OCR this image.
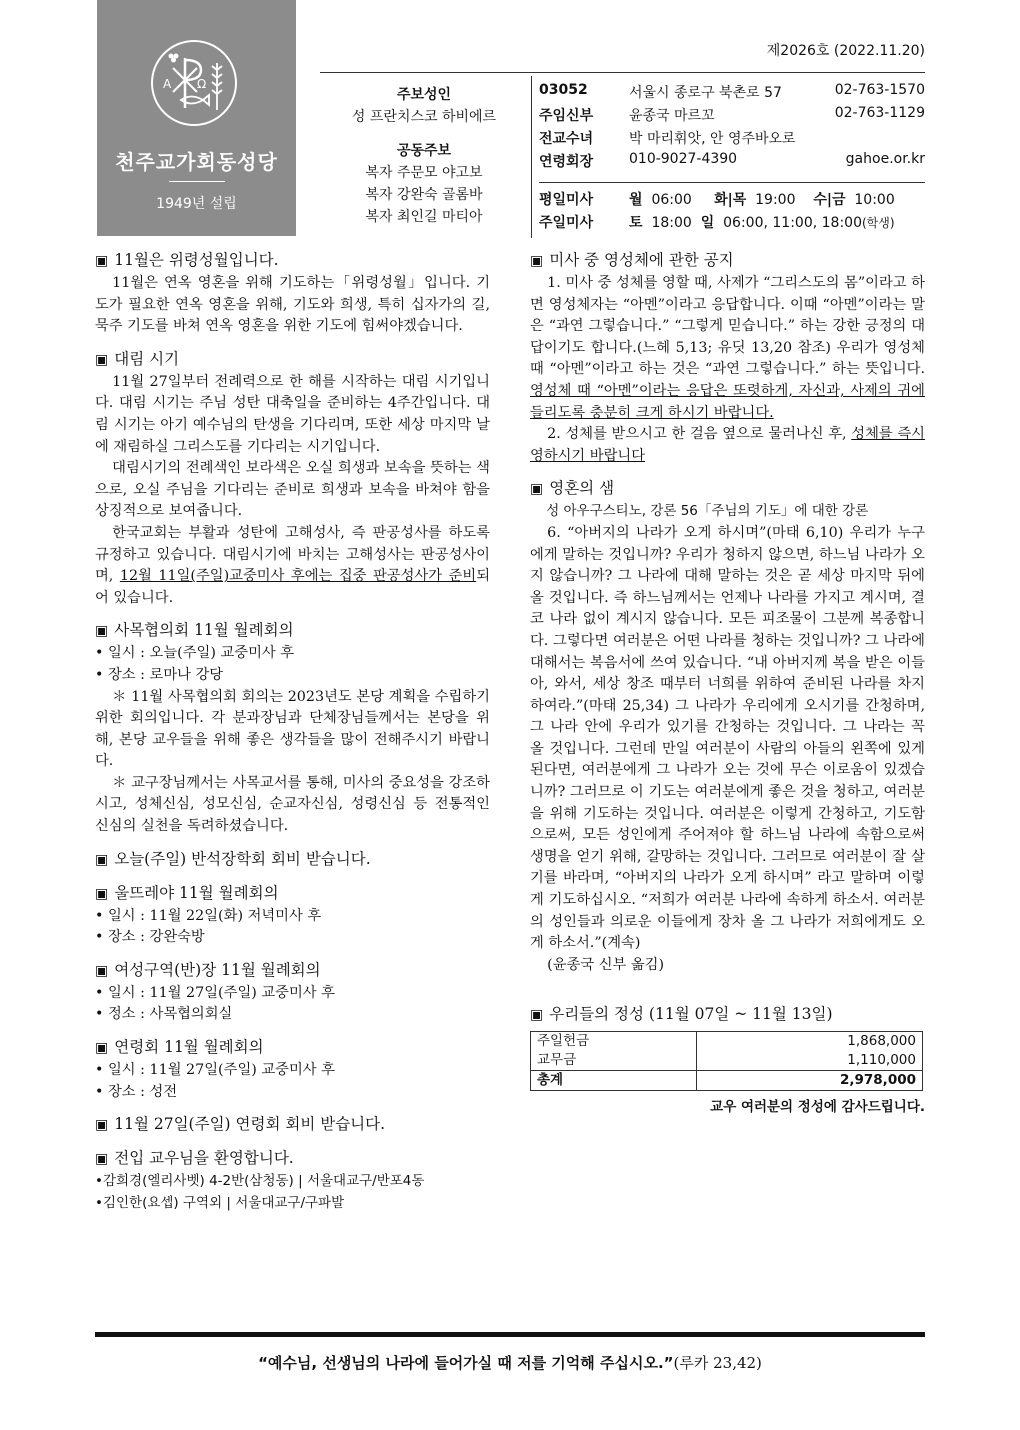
A Ω
천주교가회동성당
1949년 설립
제2026호 (2022.11.20)
주보성인
성 프란치스코 하비에르
공동주보
복자 주문모 야고보
복자 강완숙 골롬바
복자 최인길 마티아
03052	서울시 종로구 북촌로 57	02-763-1570
주임신부	윤종국 마르꼬	02-763-1129
전교수녀	박 마리휘앗, 안 영주바오로
연령회장	010-9027-4390	gahoe.or.kr
평일미사	월 06:00 화|목 19:00 수|금 10:00
주일미사	토 18:00 일 06:00, 11:00, 18:00(학생)
▣ 11월은 위령성월입니다.

11월은 연옥 영혼을 위해 기도하는「위령성월」입니다. 기도가 필요한 연옥 영혼을 위해, 기도와 희생, 특히 십자가의 길, 묵주 기도를 바쳐 연옥 영혼을 위한 기도에 힘써야겠습니다.

▣ 대림 시기

11월 27일부터 전례력으로 한 해를 시작하는 대림 시기입니다. 대림 시기는 주님 성탄 대축일을 준비하는 4주간입니다. 대림 시기는 아기 예수님의 탄생을 기다리며, 또한 세상 마지막 날에 재림하실 그리스도를 기다리는 시기입니다.

대림시기의 전례색인 보라색은 오실 희생과 보속을 뜻하는 색으로, 오실 주님을 기다리는 준비로 희생과 보속을 바쳐야 함을 상징적으로 보여줍니다.

한국교회는 부활과 성탄에 고해성사, 즉 판공성사를 하도록 규정하고 있습니다. 대림시기에 바치는 고해성사는 판공성사이며, 12월 11일(주일)교중미사 후에는 집중 판공성사가 준비되어 있습니다.

▣ 사목협의회 11월 월례회의

• 일시 : 오늘(주일) 교중미사 후

• 장소 : 로마나 강당

＊ 11월 사목협의회 회의는 2023년도 본당 계획을 수립하기 위한 회의입니다. 각 분과장님과 단체장님들께서는 본당을 위해, 본당 교우들을 위해 좋은 생각들을 많이 전해주시기 바랍니다.

＊ 교구장님께서는 사목교서를 통해, 미사의 중요성을 강조하시고, 성체신심, 성모신심, 순교자신심, 성령신심 등 전통적인 신심의 실천을 독려하셨습니다.

▣ 오늘(주일) 반석장학회 회비 받습니다.
▣ 울뜨레야 11월 월례회의

• 일시 : 11월 22일(화) 저녁미사 후

• 장소 : 강완숙방

▣ 여성구역(반)장 11월 월례회의

• 일시 : 11월 27일(주일) 교중미사 후

• 정소 : 사목협의회실

▣ 연령회 11월 월례회의

• 일시 : 11월 27일(주일) 교중미사 후

• 장소 : 성전

▣ 11월 27일(주일) 연령회 회비 받습니다.
▣ 전입 교우님을 환영합니다.

•감희경(엘리사벳) 4-2반(삼청동) | 서울대교구/반포4동

•김인한(요셉) 구역외 | 서울대교구/구파발

▣ 미사 중 영성체에 관한 공지

1. 미사 중 성체를 영할 때, 사제가 “그리스도의 몸”이라고 하면 영성체자는 “아멘”이라고 응답합니다. 이때 “아멘”이라는 말은 “과연 그렇습니다.” “그렇게 믿습니다.” 하는 강한 긍정의 대답이기도 합니다.(느헤 5,13; 유딧 13,20 참조) 우리가 영성체 때 “아멘”이라고 하는 것은 “과연 그렇습니다.” 하는 뜻입니다. 영성체 때 “아멘”이라는 응답은 또렷하게, 자신과, 사제의 귀에 들리도록 충분히 크게 하시기 바랍니다.

2. 성체를 받으시고 한 걸음 옆으로 물러나신 후, 성체를 즉시 영하시기 바랍니다

▣ 영혼의 샘

성 아우구스티노, 강론 56「주님의 기도」에 대한 강론

6. “아버지의 나라가 오게 하시며”(마태 6,10) 우리가 누구에게 말하는 것입니까? 우리가 청하지 않으면, 하느님 나라가 오지 않습니까? 그 나라에 대해 말하는 것은 곧 세상 마지막 뒤에 올 것입니다. 즉 하느님께서는 언제나 나라를 가지고 계시며, 결코 나라 없이 계시지 않습니다. 모든 피조물이 그분께 복종합니다. 그렇다면 여러분은 어떤 나라를 청하는 것입니까? 그 나라에 대해서는 복음서에 쓰여 있습니다. “내 아버지께 복을 받은 이들아, 와서, 세상 창조 때부터 너희를 위하여 준비된 나라를 차지하여라.”(마태 25,34) 그 나라가 우리에게 오시기를 간청하며, 그 나라 안에 우리가 있기를 간청하는 것입니다. 그 나라는 꼭 올 것입니다. 그런데 만일 여러분이 사람의 아들의 왼쪽에 있게 된다면, 여러분에게 그 나라가 오는 것에 무슨 이로움이 있겠습니까? 그러므로 이 기도는 여러분에게 좋은 것을 청하고, 여러분을 위해 기도하는 것입니다. 여러분은 이렇게 간청하고, 기도함으로써, 모든 성인에게 주어져야 할 하느님 나라에 속함으로써 생명을 얻기 위해, 갈망하는 것입니다. 그러므로 여러분이 잘 살기를 바라며, “아버지의 나라가 오게 하시며” 라고 말하며 이렇게 기도하십시오. “저희가 여러분 나라에 속하게 하소서. 여러분의 성인들과 의로운 이들에게 장차 올 그 나라가 저희에게도 오게 하소서.”(계속)

(윤종국 신부 옮김)

▣ 우리들의 정성 (11월 07일 ~ 11월 13일)
주일헌금	1,868,000
교무금	1,110,000
총계	2,978,000
교우 여러분의 정성에 감사드립니다.
“예수님, 선생님의 나라에 들어가실 때 저를 기억해 주십시오.”(루카 23,42)
